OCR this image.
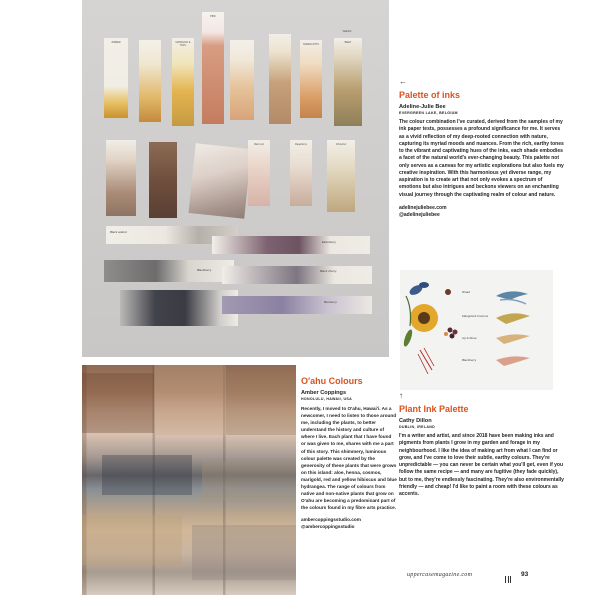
AMBER	MARIGOLD & TOFU
PINK
TERRACOTTA
BEET
SEEDS
Red root	Raspberry	Chestnut
Black walnut
Elderberry
Blackberry	Black cherry
Blueberry
←
Palette of inks
Adeline-Julie Bee
EVERGREEN LAKE, BELGIUM
The colour combination I've curated, derived from the samples of my ink paper tests, possesses a profound significance for me. It serves as a vivid reflection of my deep-rooted connection with nature, capturing its myriad moods and nuances. From the rich, earthy tones to the vibrant and captivating hues of the inks, each shade embodies a facet of the natural world's ever-changing beauty. This palette not only serves as a canvas for my artistic explorations but also fuels my creative inspiration. With this harmonious yet diverse range, my aspiration is to create art that not only evokes a spectrum of emotions but also intrigues and beckons viewers on an enchanting visual journey through the captivating realm of colour and nature.
adelinejuliebee.com
@adelinejuliebee
Woad
Marigold & Cosmos
Ivy & Rose
Blackberry
O'ahu Colours
Amber Coppings
HONOLULU, HAWAII, USA
Recently, I moved to O'ahu, Hawai'i. As a newcomer, I need to listen to those around me, including the plants, to better understand the history and culture of where I live. Each plant that I have found or was given to me, shares with me a part of this story. This shimmery, luminous colour palette was created by the generosity of these plants that were grown on this island: aloe, henna, cosmos, marigold, red and yellow hibiscus and blue hydrangea. The range of colours from native and non-native plants that grow on O'ahu are becoming a predominant part of the colours found in my fibre arts practice.
ambercoppingsstudio.com
@ambercoppingsstudio
↑
Plant Ink Palette
Cathy Dillon
DUBLIN, IRELAND
I'm a writer and artist, and since 2018 have been making inks and pigments from plants I grow in my garden and forage in my neighbourhood. I like the idea of making art from what I can find or grow, and I've come to love their subtle, earthy colours. They're unpredictable — you can never be certain what you'll get, even if you follow the same recipe — and many are fugitive (they fade quickly), but to me, they're endlessly fascinating. They're also environmentally friendly — and cheap! I'd like to paint a room with these colours as accents.
uppercasemagazine.com	93
